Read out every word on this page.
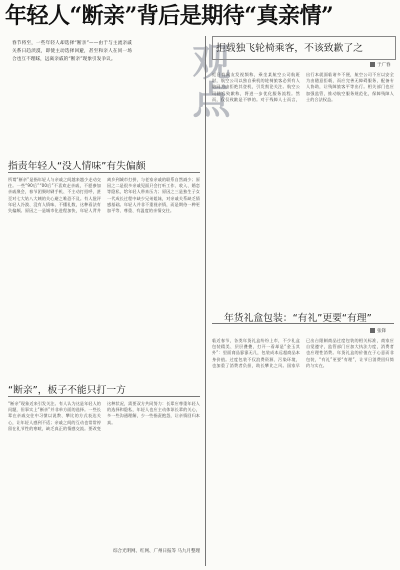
年轻人“断亲”背后是期待“真亲情”
春节将至，一些年轻人却选择“断亲”——由于与主流亲戚关系日趋淡漠，即使主动选择回避，甚至和亲人在同一场合也互不理睬，远离亲戚的“断亲”现象引发争议。	观点
指责年轻人“没人情味”有失偏颇
所谓“断亲”是指年轻人与亲戚之间越来越少走动交往。一些“90后”“00后”不喜欢走亲戚，不愿参加亲戚聚会，春节团聚时刷手机、不主动打招呼，甚至对七大姑八大姨的关心避之唯恐不及。有人批评年轻人冷漠、没有人情味、不懂礼数，这种看法有失偏颇。原因之一是城市化进程加快，年轻人背井离乡到城市打拼，与老家亲戚的联系自然减少；原因之二是很多亲戚见面只会打听工作、收入、婚恋等隐私，给年轻人带来压力；原因之三是独生子女一代成长过程中缺少兄弟姐妹，对亲戚关系缺乏情感基础。年轻人并非不重视亲情，而是期待一种更加平等、尊重、有温度的亲情交往。
拒载独飞轮椅乘客，不该致歉了之
于广春
近日有网友发视频称，乘坐某航空公司航班时，航空公司以独自乘机的轮椅旅客必须有人陪同为由拒绝其登机，引发舆论关注。航空公司随后致歉称，将进一步优化服务流程。然而，仅仅致歉是不够的。对于残障人士而言，出行本就面临诸多不便，航空公司不应以安全为由随意拒载，而应完善无障碍服务，配备专人协助，让残障旅客平等出行。相关部门也应加强监管，推动航空服务规范化，保障残障人士的合法权益。
年货礼盒包装：“有礼”更要“有理”
张锋
临近春节，各类年货礼盒纷纷上市，不少礼盒包装精美、层层叠叠，打开一看却是“金玉其外”：里面商品寥寥无几，包装成本远超商品本身价值。过度包装不仅浪费资源、污染环境，也加重了消费者负担，助长攀比之风。国家早已出台限制商品过度包装的相关标准，商家应自觉遵守，监管部门应加大执法力度，消费者也应理性消费。年货礼盒的价值在于心意而非包装，“有礼”更要“有理”，让节日消费回归简约与实在。
“断亲”，板子不能只打一方
“断亲”现象近来引发关注。有人认为这是年轻人的问题，但事实上“断亲”并非单方面的选择。一些长辈在亲戚交往中习惯以说教、攀比的方式表达关心，让年轻人感到不适；亲戚之间的互动也常常停留在礼节性的寒暄，缺乏真正的情感交流。要改变这种状况，需要双方共同努力：长辈应尊重年轻人的选择和隐私，年轻人也应主动体谅长辈的关心，多一些沟通理解，少一些指责抱怨，让亲情回归本真。
综合光明网、红网、广州日报等 马九月整理
